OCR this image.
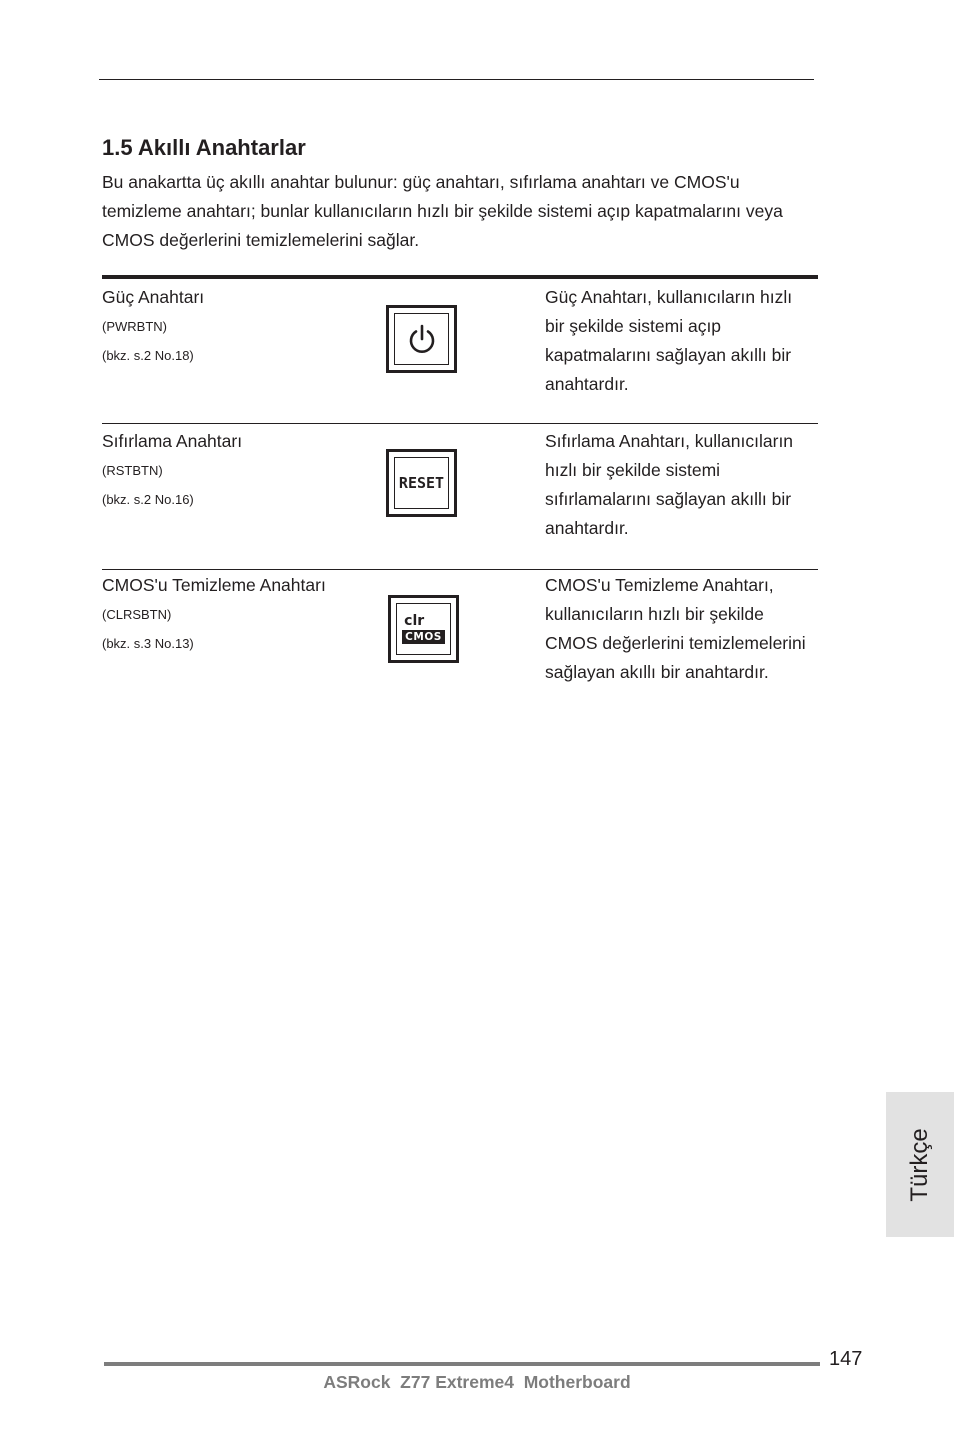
1.5 Akıllı Anahtarlar

Bu anakartta üç akıllı anahtar bulunur: güç anahtarı, sıfırlama anahtarı ve CMOS'u temizleme anahtarı; bunlar kullanıcıların hızlı bir şekilde sistemi açıp kapatmalarını veya CMOS değerlerini temizlemelerini sağlar.

Güç Anahtarı
(PWRBTN)
(bkz. s.2 No.18)
Güç Anahtarı, kullanıcıların hızlı bir şekilde sistemi açıp kapatmalarını sağlayan akıllı bir anahtardır.
Sıfırlama Anahtarı
(RSTBTN)
(bkz. s.2 No.16)
Sıfırlama Anahtarı, kullanıcıların hızlı bir şekilde sistemi sıfırlamalarını sağlayan akıllı bir anahtardır.
RESET
CMOS'u Temizleme Anahtarı
(CLRSBTN)
(bkz. s.3 No.13)
CMOS'u Temizleme Anahtarı, kullanıcıların hızlı bir şekilde CMOS değerlerini temizlemelerini sağlayan akıllı bir anahtardır.
clr
CMOS
Türkçe
147
ASRock  Z77 Extreme4  Motherboard
